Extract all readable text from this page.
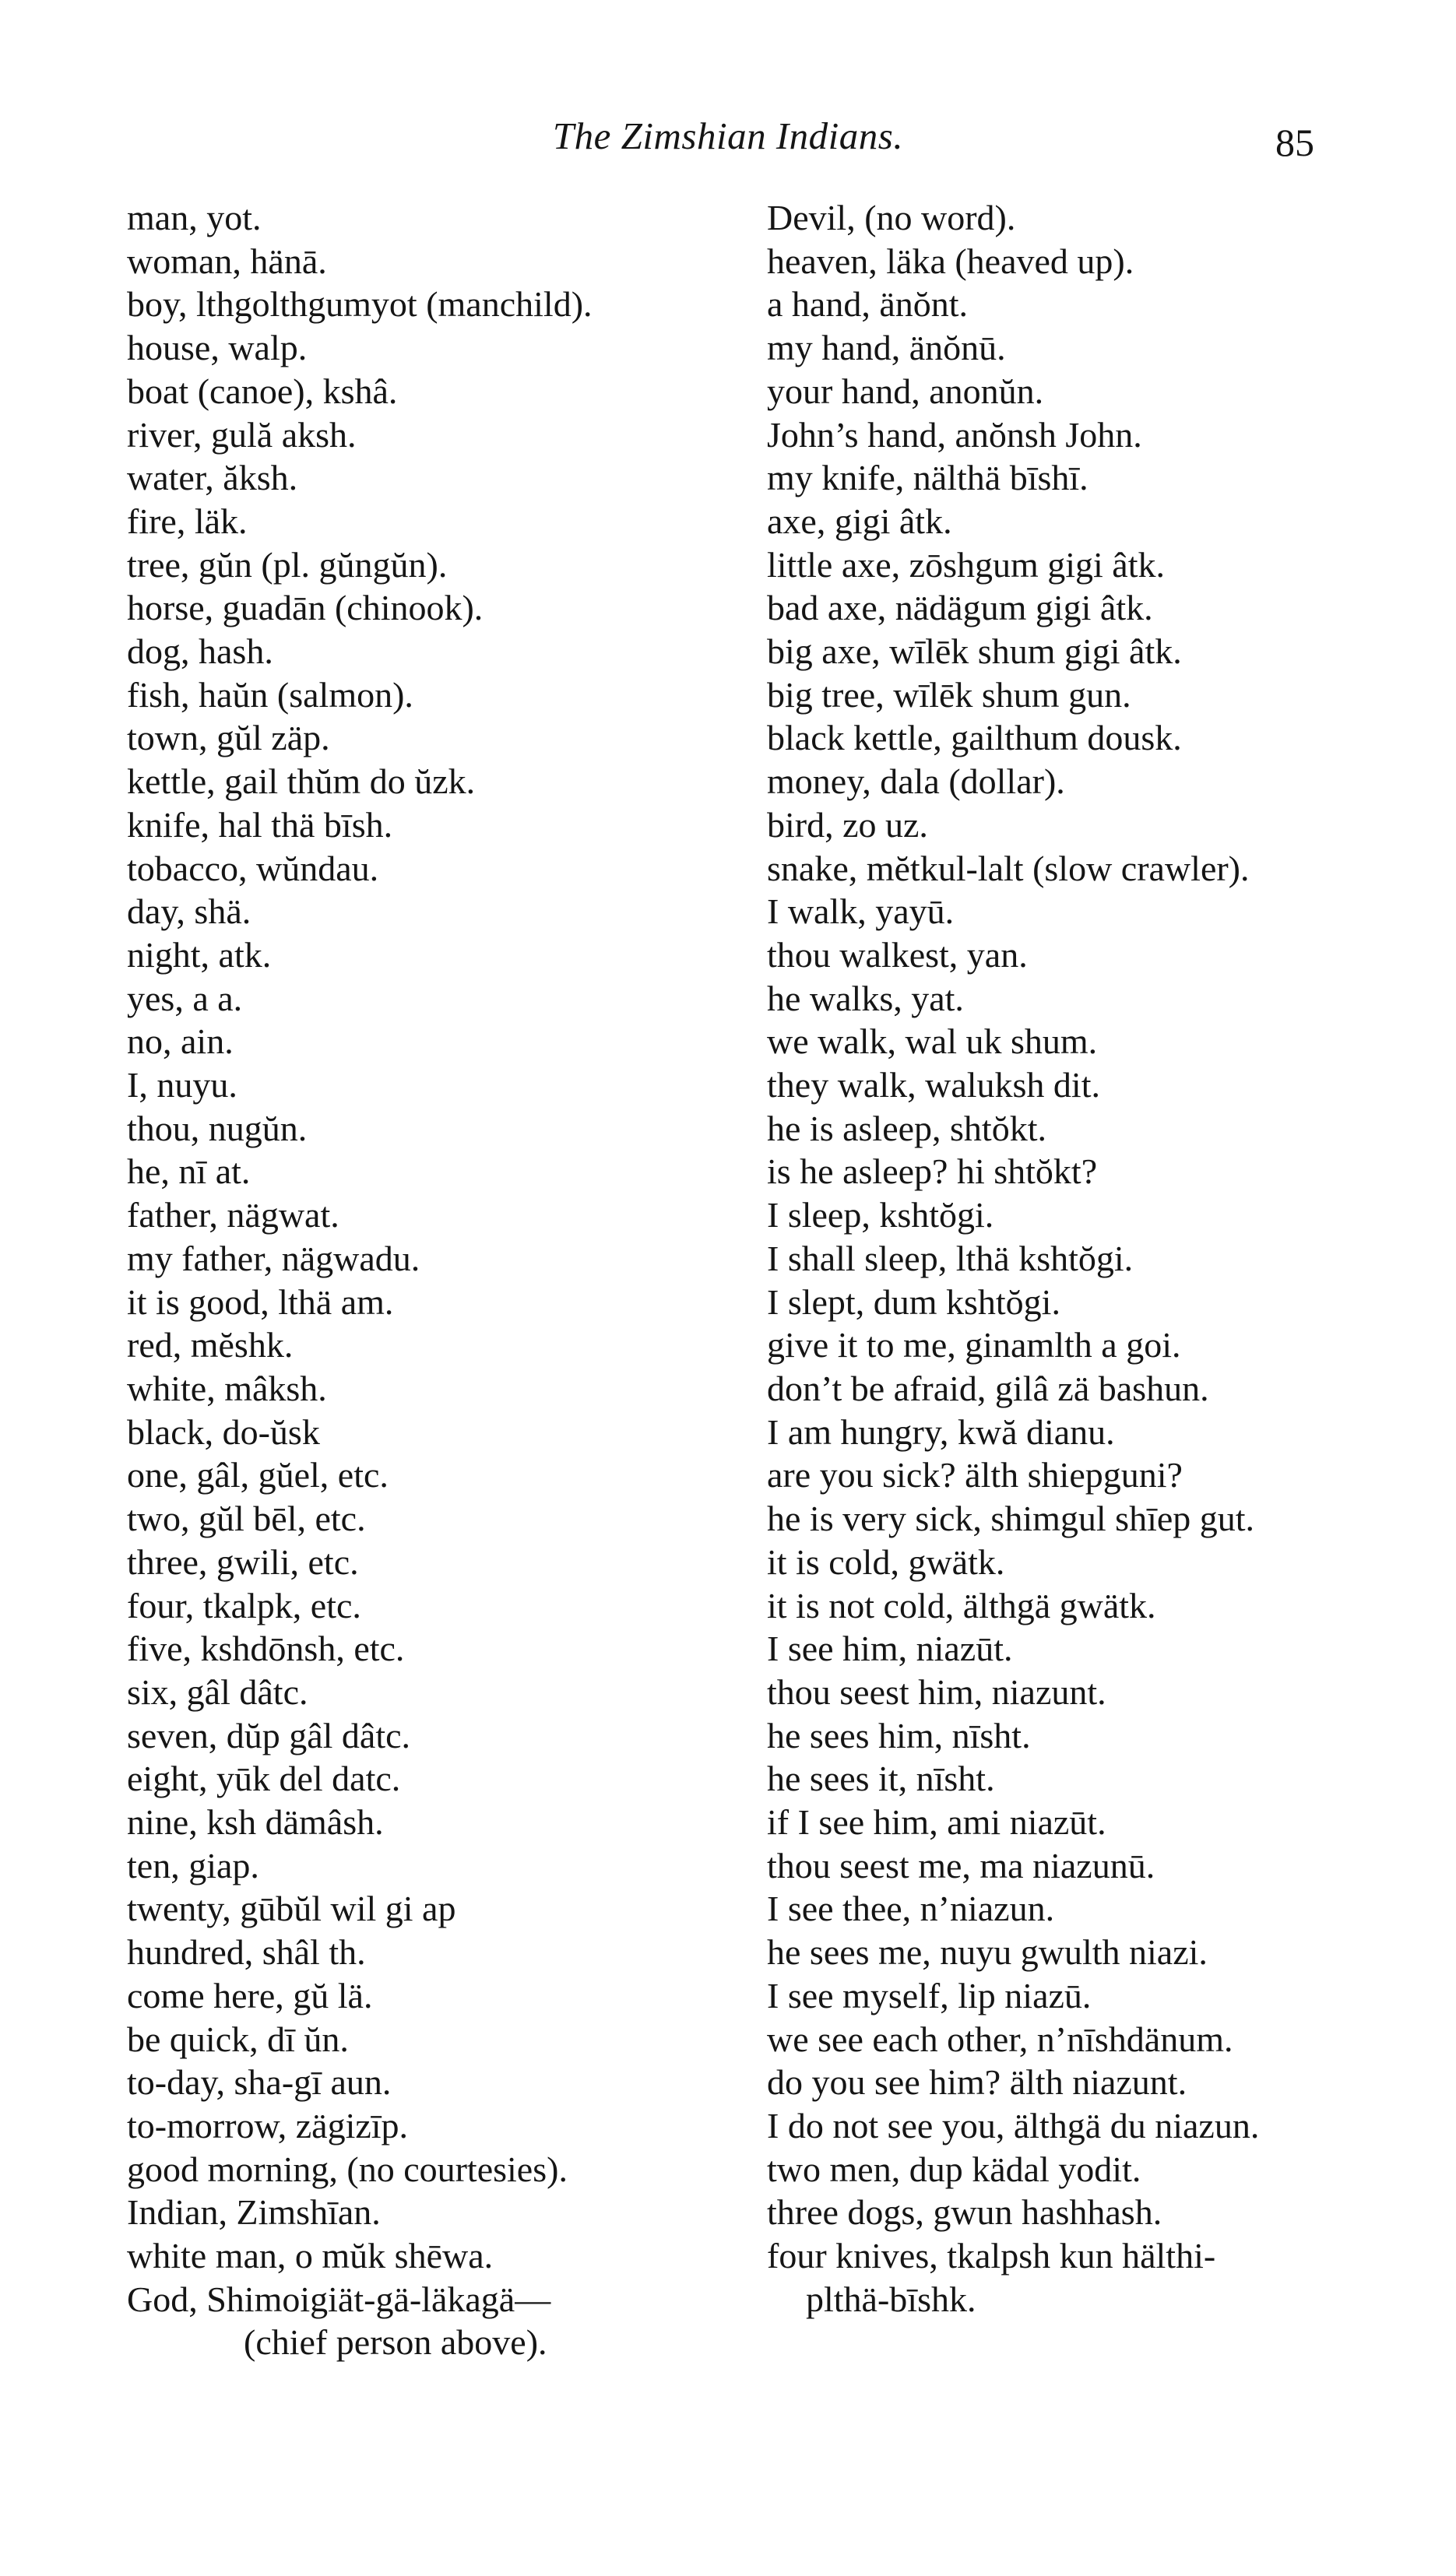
The Zimshian Indians.	85
man, yot.
woman, hänā.
boy, lthgolthgumyot (manchild).
house, walp.
boat (canoe), kshâ.
river, gulă aksh.
water, ăksh.
fire, läk.
tree, gŭn (pl. gŭngŭn).
horse, guadān (chinook).
dog, hash.
fish, haŭn (salmon).
town, gŭl zäp.
kettle, gail thŭm do ŭzk.
knife, hal thä bīsh.
tobacco, wŭndau.
day, shä.
night, atk.
yes, a a.
no, ain.
I, nuyu.
thou, nugŭn.
he, nī at.
father, nägwat.
my father, nägwadu.
it is good, lthä am.
red, mĕshk.
white, mâksh.
black, do-ŭsk
one, gâl, gŭel, etc.
two, gŭl bēl, etc.
three, gwili, etc.
four, tkalpk, etc.
five, kshdōnsh, etc.
six, gâl dâtc.
seven, dŭp gâl dâtc.
eight, yūk del datc.
nine, ksh dämâsh.
ten, giap.
twenty, gūbŭl wil gi ap
hundred, shâl th.
come here, gŭ lä.
be quick, dī ŭn.
to-day, sha-gī aun.
to-morrow, zägizīp.
good morning, (no courtesies).
Indian, Zimshīan.
white man, o mŭk shēwa.
God, Shimoigiät-gä-läkagä—
(chief person above).
Devil, (no word).
heaven, läka (heaved up).
a hand, änŏnt.
my hand, änŏnū.
your hand, anonŭn.
John’s hand, anŏnsh John.
my knife, nälthä bīshī.
axe, gigi âtk.
little axe, zōshgum gigi âtk.
bad axe, nädägum gigi âtk.
big axe, wīlēk shum gigi âtk.
big tree, wīlēk shum gun.
black kettle, gailthum dousk.
money, dala (dollar).
bird, zo uz.
snake, mĕtkul-lalt (slow crawler).
I walk, yayū.
thou walkest, yan.
he walks, yat.
we walk, wal uk shum.
they walk, waluksh dit.
he is asleep, shtŏkt.
is he asleep? hi shtŏkt?
I sleep, kshtŏgi.
I shall sleep, lthä kshtŏgi.
I slept, dum kshtŏgi.
give it to me, ginamlth a goi.
don’t be afraid, gilâ zä bashun.
I am hungry, kwă dianu.
are you sick? älth shiepguni?
he is very sick, shimgul shīep gut.
it is cold, gwätk.
it is not cold, älthgä gwätk.
I see him, niazūt.
thou seest him, niazunt.
he sees him, nīsht.
he sees it, nīsht.
if I see him, ami niazūt.
thou seest me, ma niazunū.
I see thee, n’niazun.
he sees me, nuyu gwulth niazi.
I see myself, lip niazū.
we see each other, n’nīshdänum.
do you see him? älth niazunt.
I do not see you, älthgä du niazun.
two men, dup kädal yodit.
three dogs, gwun hashhash.
four knives, tkalpsh kun hälthi-
plthä-bīshk.
